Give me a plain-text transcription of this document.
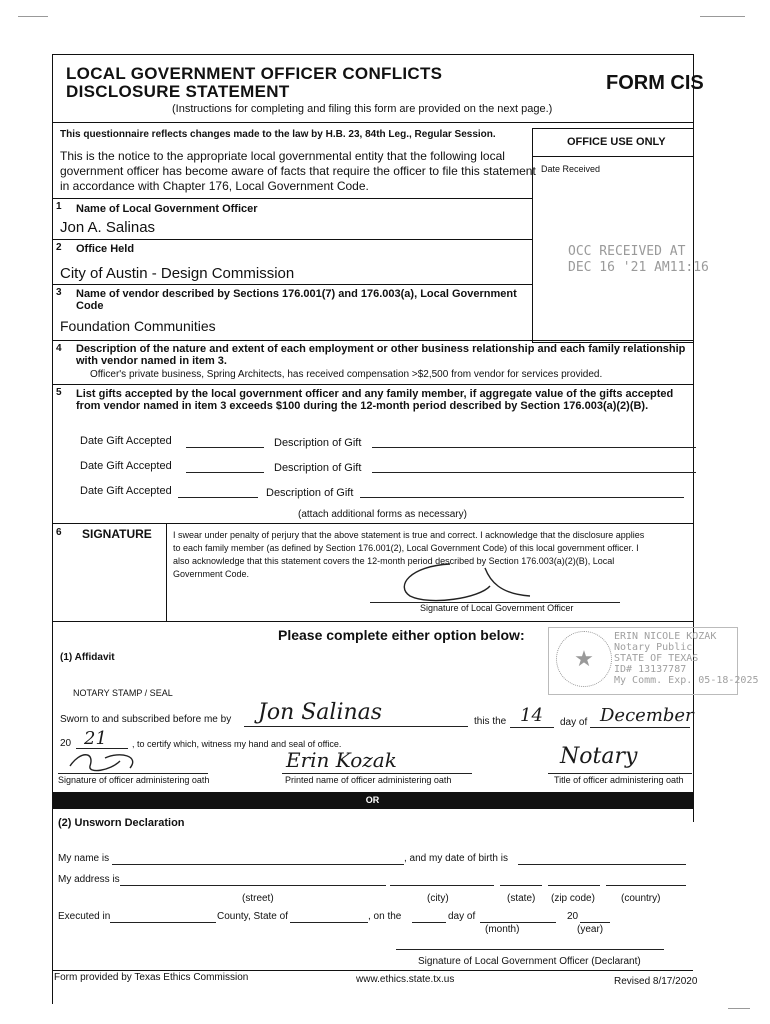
LOCAL GOVERNMENT OFFICER CONFLICTS
DISCLOSURE STATEMENT	FORM CIS
(Instructions for completing and filing this form are provided on the next page.)
This questionnaire reflects changes made to the law by H.B. 23, 84th Leg., Regular Session.
This is the notice to the appropriate local governmental entity that the following local
government officer has become aware of facts that require the officer to file this statement
in accordance with Chapter 176, Local Government Code.
OFFICE USE ONLY
Date Received
OCC RECEIVED AT
DEC 16 '21 AM11:16
1 Name of Local Government Officer
Jon A. Salinas
2 Office Held
City of Austin - Design Commission
3 Name of vendor described by Sections 176.001(7) and 176.003(a), Local Government
Code
Foundation Communities
4 Description of the nature and extent of each employment or other business relationship and each family relationship
with vendor named in item 3.
Officer's private business, Spring Architects, has received compensation >$2,500 from vendor for services provided.
5 List gifts accepted by the local government officer and any family member, if aggregate value of the gifts accepted
from vendor named in item 3 exceeds $100 during the 12-month period described by Section 176.003(a)(2)(B).
Date Gift Accepted	Description of Gift
Date Gift Accepted	Description of Gift
Date Gift Accepted	Description of Gift
(attach additional forms as necessary)
6 SIGNATURE I swear under penalty of perjury that the above statement is true and correct. I acknowledge that the disclosure applies
to each family member (as defined by Section 176.001(2), Local Government Code) of this local government officer. I
also acknowledge that this statement covers the 12-month period described by Section 176.003(a)(2)(B), Local
Government Code.
Signature of Local Government Officer
Please complete either option below:
(1) Affidavit	★
ERIN NICOLE KOZAK
Notary Public
STATE OF TEXAS
ID# 13137787
My Comm. Exp. 05-18-2025
NOTARY STAMP / SEAL
Sworn to and subscribed before me by Jon Salinas	this the 14 day of December
20 21	, to certify which, witness my hand and seal of office.
Signature of officer administering oath
Erin Kozak
Printed name of officer administering oath
Notary
Title of officer administering oath
OR
(2) Unsworn Declaration
My name is	, and my date of birth is
My address is
(street)	(city)	(state) (zip code)	(country)
Executed in	County, State of	, on the	day of	20
(month)	(year)
Signature of Local Government Officer (Declarant)
Form provided by Texas Ethics Commission	www.ethics.state.tx.us	Revised 8/17/2020
